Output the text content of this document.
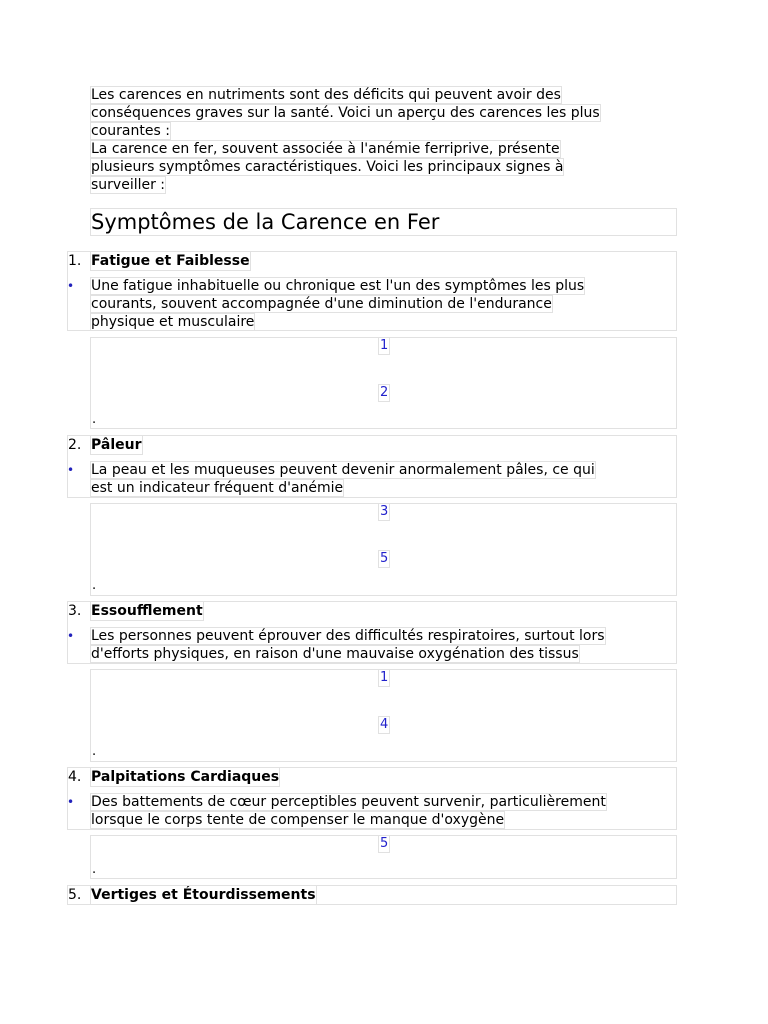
Les carences en nutriments sont des déficits qui peuvent avoir des
conséquences graves sur la santé. Voici un aperçu des carences les plus
courantes :
La carence en fer, souvent associée à l'anémie ferriprive, présente
plusieurs symptômes caractéristiques. Voici les principaux signes à
surveiller :
Symptômes de la Carence en Fer
1. Fatigue et Faiblesse
• Une fatigue inhabituelle ou chronique est l'un des symptômes les plus
courants, souvent accompagnée d'une diminution de l'endurance
physique et musculaire
1
2
.
2. Pâleur
• La peau et les muqueuses peuvent devenir anormalement pâles, ce qui
est un indicateur fréquent d'anémie
3
5
.
3. Essoufflement
• Les personnes peuvent éprouver des difficultés respiratoires, surtout lors
d'efforts physiques, en raison d'une mauvaise oxygénation des tissus
1
4
.
4. Palpitations Cardiaques
• Des battements de cœur perceptibles peuvent survenir, particulièrement
lorsque le corps tente de compenser le manque d'oxygène
5
.
5. Vertiges et Étourdissements
